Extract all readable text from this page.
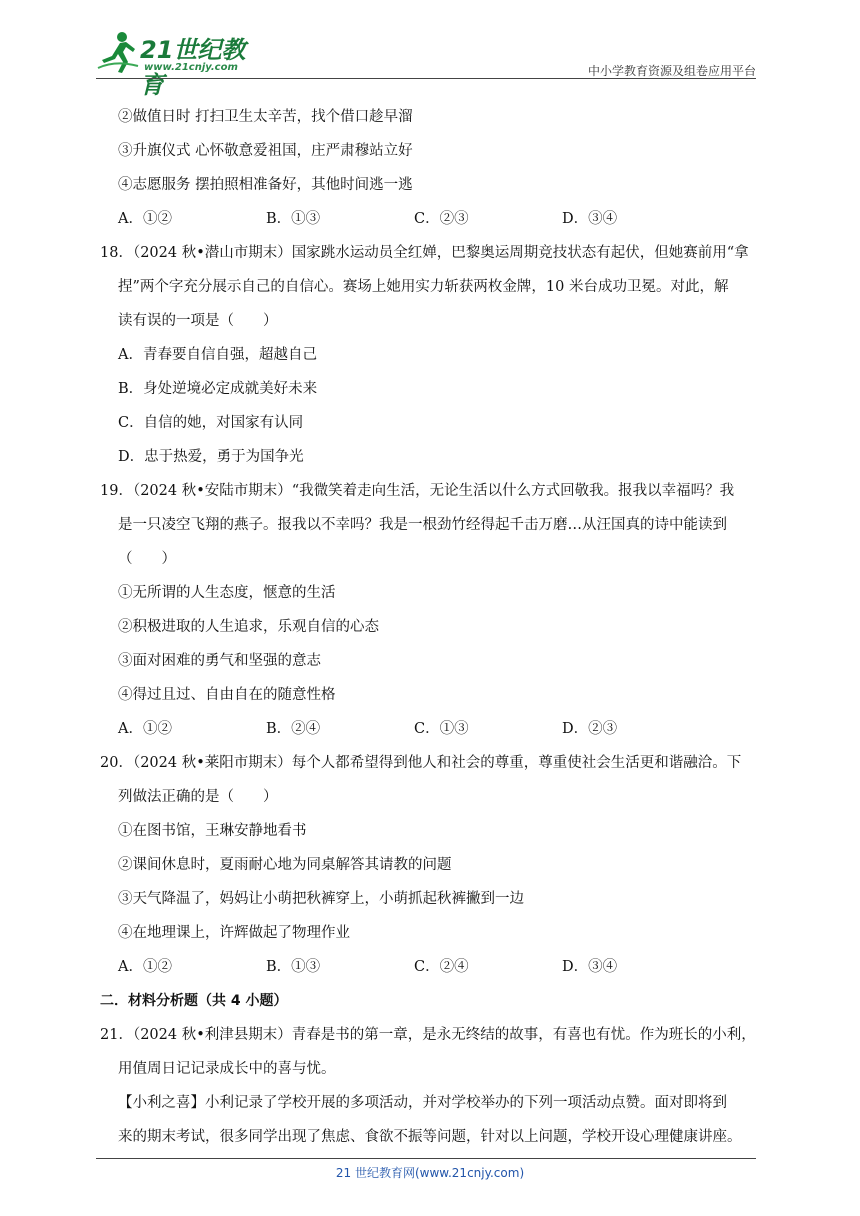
21世纪教育
www.21cnjy.com	中小学教育资源及组卷应用平台
②做值日时 打扫卫生太辛苦，找个借口趁早溜
③升旗仪式 心怀敬意爱祖国，庄严肃穆站立好
④志愿服务 摆拍照相准备好，其他时间逃一逃
A．①②	B．①③	C．②③	D．③④
18．（2024 秋•潜山市期末）国家跳水运动员全红婵，巴黎奥运周期竞技状态有起伏，但她赛前用“拿
捏”两个字充分展示自己的自信心。赛场上她用实力斩获两枚金牌，10 米台成功卫冕。对此，解
读有误的一项是（　　）
A．青春要自信自强，超越自己
B．身处逆境必定成就美好未来
C．自信的她，对国家有认同
D．忠于热爱，勇于为国争光
19．（2024 秋•安陆市期末）“我微笑着走向生活，无论生活以什么方式回敬我。报我以幸福吗？我
是一只凌空飞翔的燕子。报我以不幸吗？我是一根劲竹经得起千击万磨…从汪国真的诗中能读到
（　　）
①无所谓的人生态度，惬意的生活
②积极进取的人生追求，乐观自信的心态
③面对困难的勇气和坚强的意志
④得过且过、自由自在的随意性格
A．①②	B．②④	C．①③	D．②③
20．（2024 秋•莱阳市期末）每个人都希望得到他人和社会的尊重，尊重使社会生活更和谐融洽。下
列做法正确的是（　　）
①在图书馆，王琳安静地看书
②课间休息时，夏雨耐心地为同桌解答其请教的问题
③天气降温了，妈妈让小萌把秋裤穿上，小萌抓起秋裤撇到一边
④在地理课上，许辉做起了物理作业
A．①②	B．①③	C．②④	D．③④
二．材料分析题（共 4 小题）
21．（2024 秋•利津县期末）青春是书的第一章，是永无终结的故事，有喜也有忧。作为班长的小利，
用值周日记记录成长中的喜与忧。
【小利之喜】小利记录了学校开展的多项活动，并对学校举办的下列一项活动点赞。面对即将到
来的期末考试，很多同学出现了焦虑、食欲不振等问题，针对以上问题，学校开设心理健康讲座。
21 世纪教育网(www.21cnjy.com)
